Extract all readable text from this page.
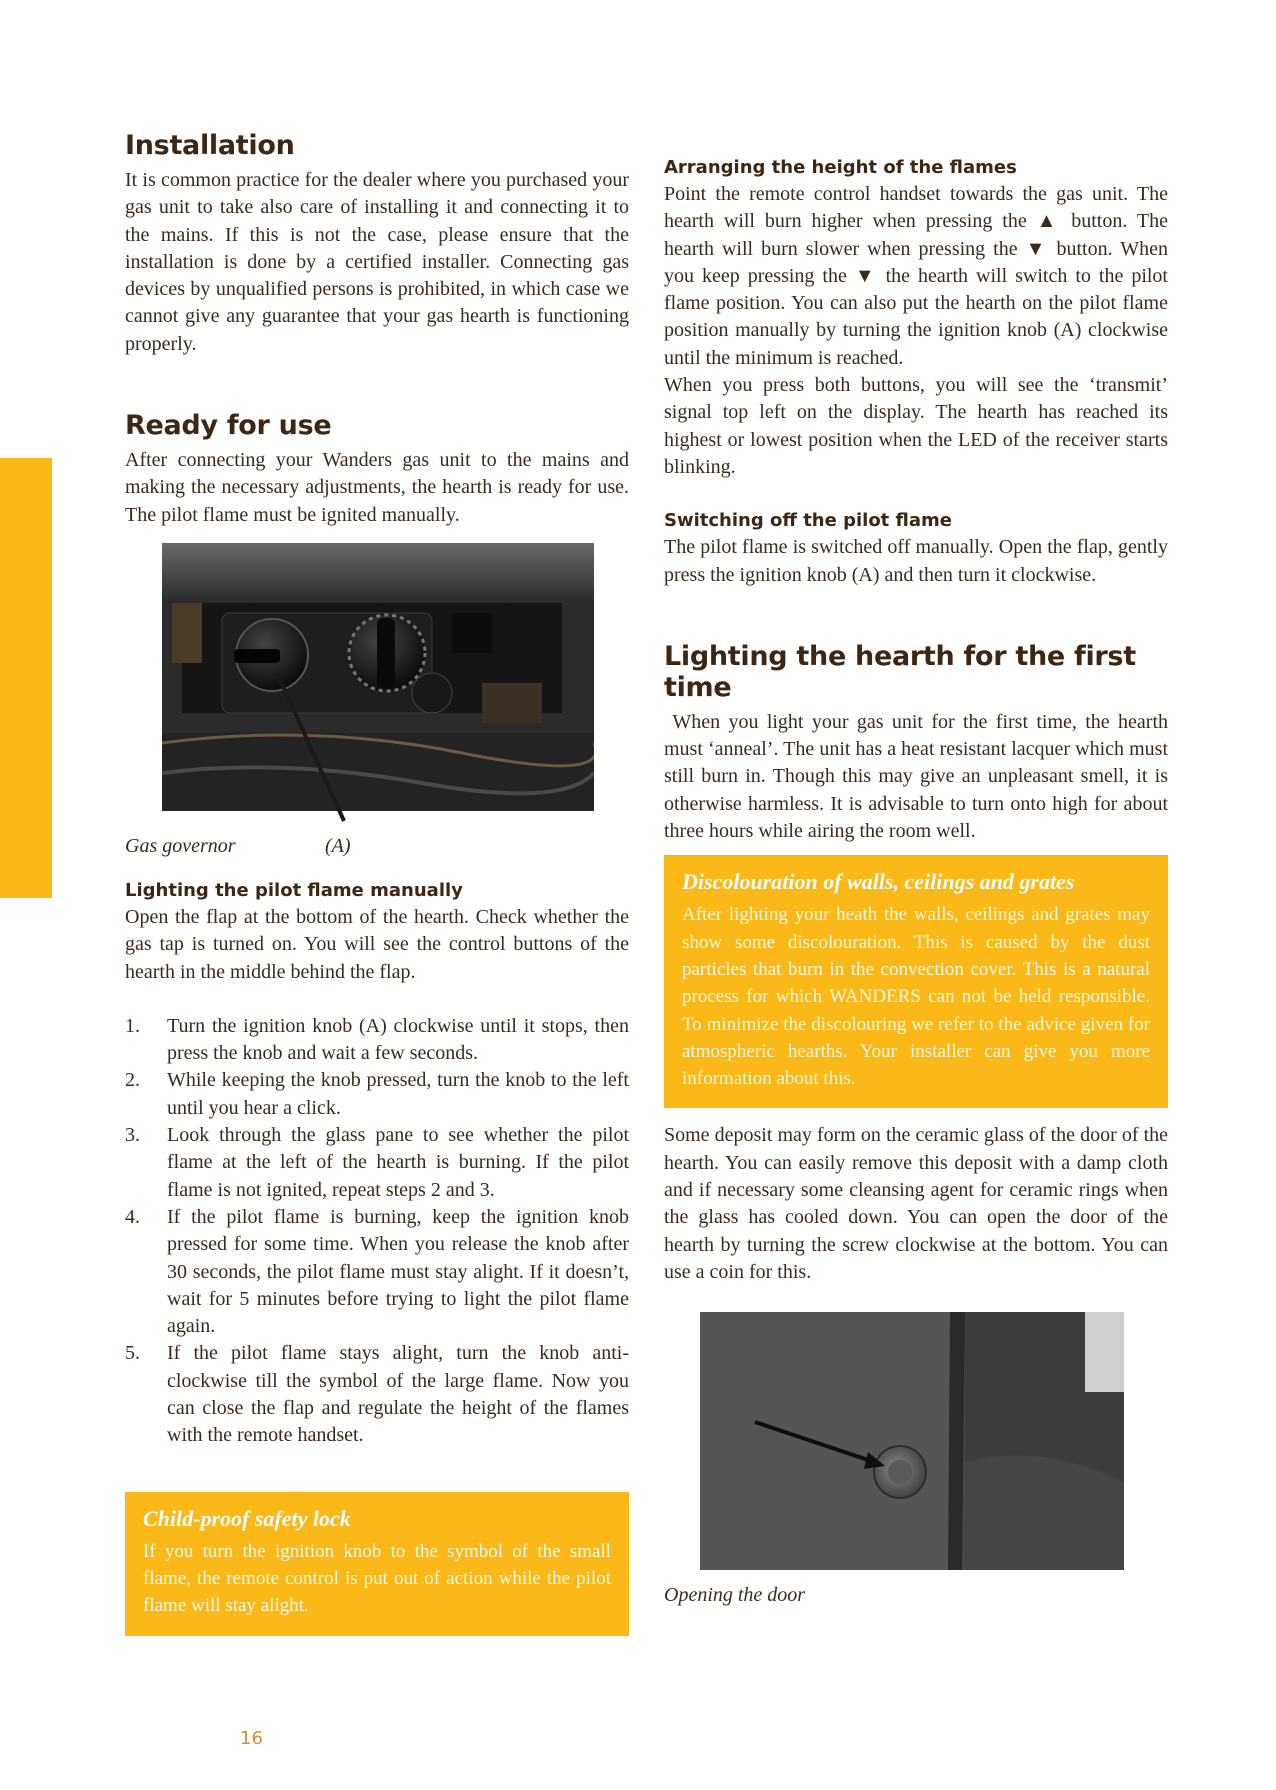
Installation

It is common practice for the dealer where you purchased your gas unit to take also care of installing it and connecting it to the mains. If this is not the case, please ensure that the installation is done by a certified installer. Connecting gas devices by unqualified persons is prohibited, in which case we cannot give any guarantee that your gas hearth is functioning properly.

Ready for use

After connecting your Wanders gas unit to the mains and making the necessary adjustments, the hearth is ready for use. The pilot flame must be ignited manually.

Gas governor	(A)
Lighting the pilot flame manually

Open the flap at the bottom of the hearth. Check whether the gas tap is turned on. You will see the control buttons of the hearth in the middle behind the flap.

1. Turn the ignition knob (A) clockwise until it stops, then press the knob and wait a few seconds.
2. While keeping the knob pressed, turn the knob to the left until you hear a click.
3. Look through the glass pane to see whether the pilot flame at the left of the hearth is burning. If the pilot flame is not ignited, repeat steps 2 and 3.
4. If the pilot flame is burning, keep the ignition knob pressed for some time. When you release the knob after 30 seconds, the pilot flame must stay alight. If it doesn’t, wait for 5 minutes before trying to light the pilot flame again.
5. If the pilot flame stays alight, turn the knob anti-clockwise till the symbol of the large flame. Now you can close the flap and regulate the height of the flames with the remote handset.
Child-proof safety lock

If you turn the ignition knob to the symbol of the small flame, the remote control is put out of action while the pilot flame will stay alight.

Arranging the height of the flames

Point the remote control handset towards the gas unit. The hearth will burn higher when pressing the ▲ button. The hearth will burn slower when pressing the ▼ button. When you keep pressing the ▼ the hearth will switch to the pilot flame position. You can also put the hearth on the pilot flame position manually by turning the ignition knob (A) clockwise until the minimum is reached.

When you press both buttons, you will see the ‘transmit’ signal top left on the display. The hearth has reached its highest or lowest position when the LED of the receiver starts blinking.

Switching off the pilot flame

The pilot flame is switched off manually. Open the flap, gently press the ignition knob (A) and then turn it clockwise.

Lighting the hearth for the first time

When you light your gas unit for the first time, the hearth must ‘anneal’. The unit has a heat resistant lacquer which must still burn in. Though this may give an unpleasant smell, it is otherwise harmless. It is advisable to turn onto high for about three hours while airing the room well.

Discolouration of walls, ceilings and grates

After lighting your heath the walls, ceilings and grates may show some discolouration. This is caused by the dust particles that burn in the convection cover. This is a natural process for which WANDERS can not be held responsible. To minimize the discolouring we refer to the advice given for atmospheric hearths. Your installer can give you more information about this.

Some deposit may form on the ceramic glass of the door of the hearth. You can easily remove this deposit with a damp cloth and if necessary some cleansing agent for ceramic rings when the glass has cooled down. You can open the door of the hearth by turning the screw clockwise at the bottom. You can use a coin for this.

Opening the door
16
